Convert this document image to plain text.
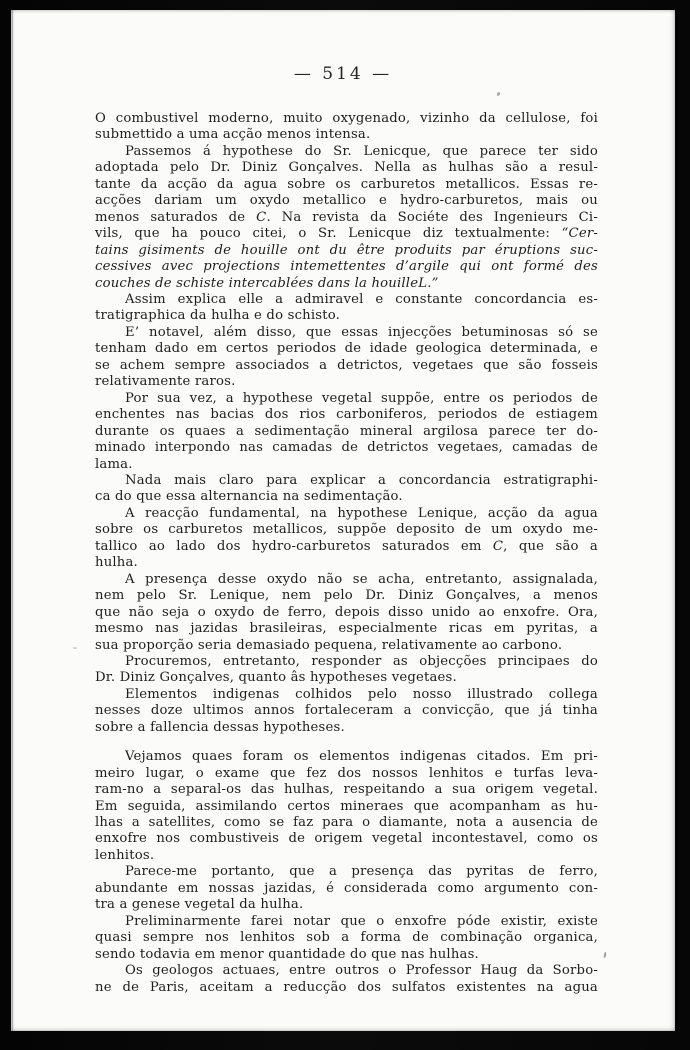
— 514 —
O combustivel moderno, muito oxygenado, vizinho da cellulose, foi
submettido a uma acção menos intensa.
Passemos á hypothese do Sr. Lenicque, que parece ter sido
adoptada pelo Dr. Diniz Gonçalves. Nella as hulhas são a resul-
tante da acção da agua sobre os carburetos metallicos. Essas re-
acções dariam um oxydo metallico e hydro-carburetos, mais ou
menos saturados de C. Na revista da Sociéte des Ingenieurs Ci-
vils, que ha pouco citei, o Sr. Lenicque diz textualmente: “Cer-
tains gisiments de houille ont du être produits par éruptions suc-
cessives avec projections intemettentes d’argile qui ont formé des
couches de schiste intercablées dans la houilleL.”
Assim explica elle a admiravel e constante concordancia es-
tratigraphica da hulha e do schisto.
E’ notavel, além disso, que essas injecções betuminosas só se
tenham dado em certos periodos de idade geologica determinada, e
se achem sempre associados a detrictos, vegetaes que são fosseis
relativamente raros.
Por sua vez, a hypothese vegetal suppõe, entre os periodos de
enchentes nas bacias dos rios carboniferos, periodos de estiagem
durante os quaes a sedimentação mineral argilosa parece ter do-
minado interpondo nas camadas de detrictos vegetaes, camadas de
lama.
Nada mais claro para explicar a concordancia estratigraphi-
ca do que essa alternancia na sedimentação.
A reacção fundamental, na hypothese Lenique, acção da agua
sobre os carburetos metallicos, suppõe deposito de um oxydo me-
tallico ao lado dos hydro-carburetos saturados em C, que são a
hulha.
A presença desse oxydo não se acha, entretanto, assignalada,
nem pelo Sr. Lenique, nem pelo Dr. Diniz Gonçalves, a menos
que não seja o oxydo de ferro, depois disso unido ao enxofre. Ora,
mesmo nas jazidas brasileiras, especialmente ricas em pyritas, a
sua proporção seria demasiado pequena, relativamente ao carbono.
Procuremos, entretanto, responder as objecções principaes do
Dr. Diniz Gonçalves, quanto âs hypotheses vegetaes.
Elementos indigenas colhidos pelo nosso illustrado collega
nesses doze ultimos annos fortaleceram a convicção, que já tinha
sobre a fallencia dessas hypotheses.
Vejamos quaes foram os elementos indigenas citados. Em pri-
meiro lugar, o exame que fez dos nossos lenhitos e turfas leva-
ram-no a separal-os das hulhas, respeitando a sua origem vegetal.
Em seguida, assimilando certos mineraes que acompanham as hu-
lhas a satellites, como se faz para o diamante, nota a ausencia de
enxofre nos combustiveis de origem vegetal incontestavel, como os
lenhitos.
Parece-me portanto, que a presença das pyritas de ferro,
abundante em nossas jazidas, é considerada como argumento con-
tra a genese vegetal da hulha.
Preliminarmente farei notar que o enxofre póde existir, existe
quasi sempre nos lenhitos sob a forma de combinação organica,
sendo todavia em menor quantidade do que nas hulhas.
Os geologos actuaes, entre outros o Professor Haug da Sorbo-
ne de Paris, aceitam a reducção dos sulfatos existentes na agua
